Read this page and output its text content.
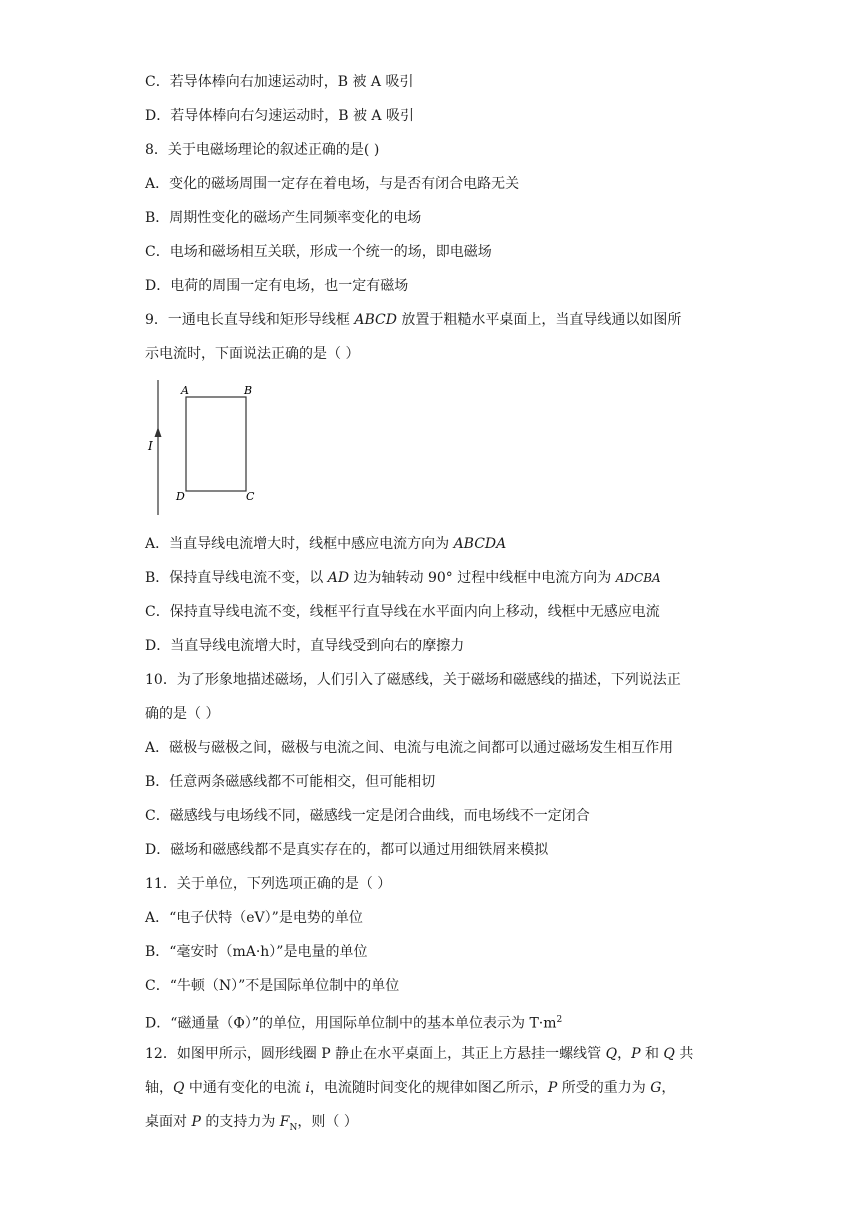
C．若导体棒向右加速运动时，B 被 A 吸引
D．若导体棒向右匀速运动时，B 被 A 吸引
8．关于电磁场理论的叙述正确的是( )
A．变化的磁场周围一定存在着电场，与是否有闭合电路无关
B．周期性变化的磁场产生同频率变化的电场
C．电场和磁场相互关联，形成一个统一的场，即电磁场
D．电荷的周围一定有电场，也一定有磁场
9．一通电长直导线和矩形导线框 ABCD 放置于粗糙水平桌面上，当直导线通以如图所
示电流时，下面说法正确的是（ ）
I
A	B
D	C
A．当直导线电流增大时，线框中感应电流方向为 ABCDA
B．保持直导线电流不变，以 AD 边为轴转动 90° 过程中线框中电流方向为 ADCBA
C．保持直导线电流不变，线框平行直导线在水平面内向上移动，线框中无感应电流
D．当直导线电流增大时，直导线受到向右的摩擦力
10．为了形象地描述磁场，人们引入了磁感线，关于磁场和磁感线的描述，下列说法正
确的是（ ）
A．磁极与磁极之间，磁极与电流之间、电流与电流之间都可以通过磁场发生相互作用
B．任意两条磁感线都不可能相交，但可能相切
C．磁感线与电场线不同，磁感线一定是闭合曲线，而电场线不一定闭合
D．磁场和磁感线都不是真实存在的，都可以通过用细铁屑来模拟
11．关于单位，下列选项正确的是（ ）
A．“电子伏特（eV）”是电势的单位
B．“毫安时（mA·h）”是电量的单位
C．“牛顿（N）”不是国际单位制中的单位
D．“磁通量（Φ）”的单位，用国际单位制中的基本单位表示为 $T\cdot m^2$
12．如图甲所示，圆形线圈 P 静止在水平桌面上，其正上方悬挂一螺线管 Q，P 和 Q 共
轴，Q 中通有变化的电流 i，电流随时间变化的规律如图乙所示，P 所受的重力为 G，
桌面对 P 的支持力为 $F_N$，则（ ）
